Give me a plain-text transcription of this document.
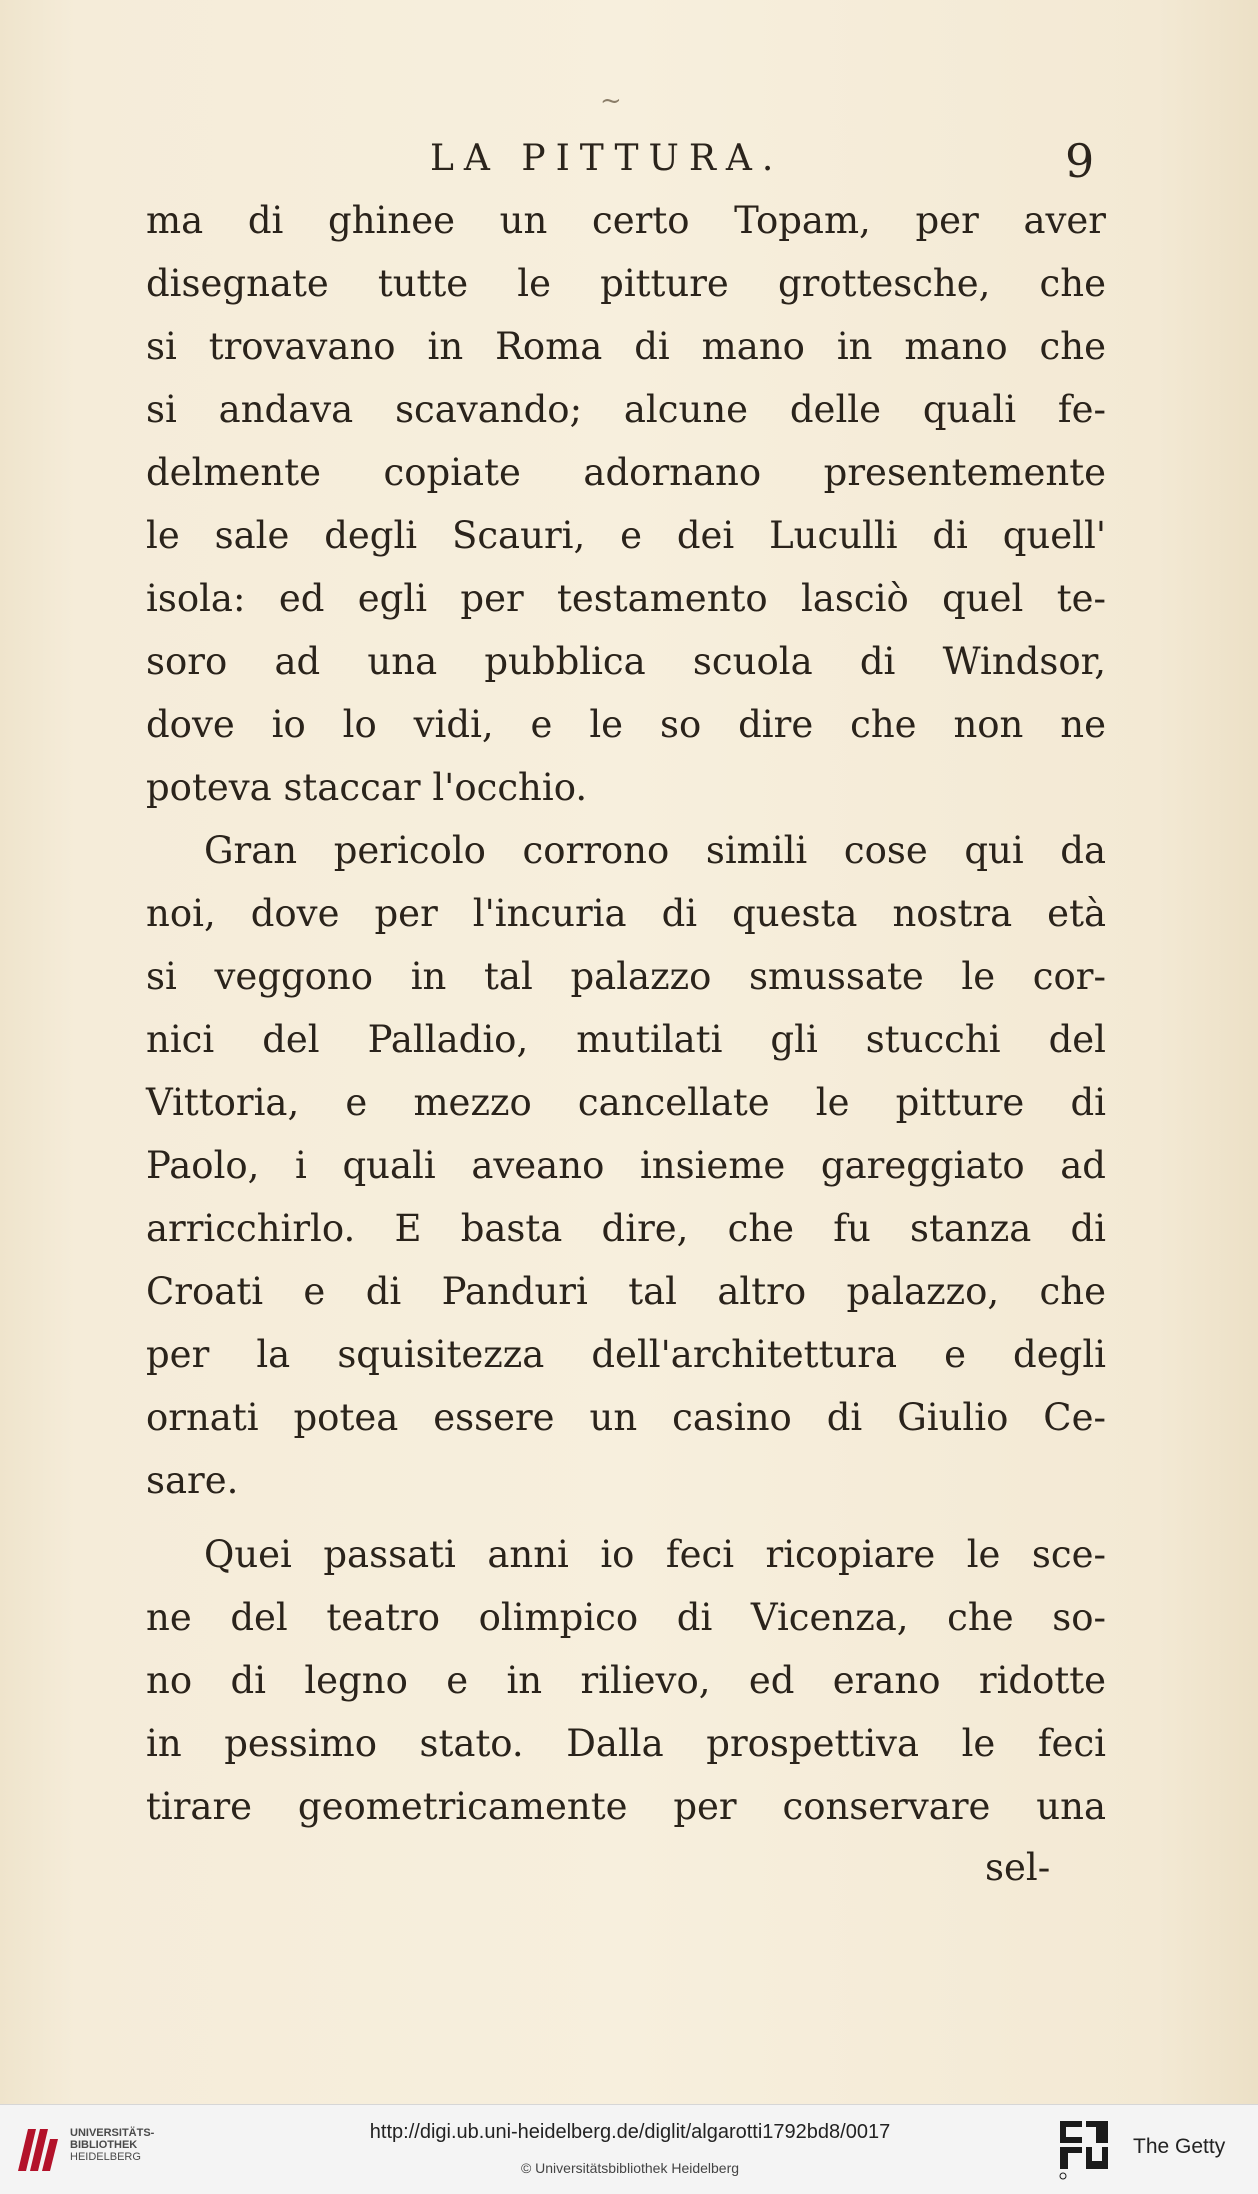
~
LA PITTURA.	9
ma di ghinee un certo Topam, per aver
disegnate tutte le pitture grottesche, che
si trovavano in Roma di mano in mano che
si andava scavando; alcune delle quali fe-
delmente copiate adornano presentemente
le sale degli Scauri, e dei Luculli di quell'
isola: ed egli per testamento lasciò quel te-
soro ad una pubblica scuola di Windsor,
dove io lo vidi, e le so dire che non ne
poteva staccar l'occhio.
Gran pericolo corrono simili cose qui da
noi, dove per l'incuria di questa nostra età
si veggono in tal palazzo smussate le cor-
nici del Palladio, mutilati gli stucchi del
Vittoria, e mezzo cancellate le pitture di
Paolo, i quali aveano insieme gareggiato ad
arricchirlo. E basta dire, che fu stanza di
Croati e di Panduri tal altro palazzo, che
per la squisitezza dell'architettura e degli
ornati potea essere un casino di Giulio Ce-
sare.
Quei passati anni io feci ricopiare le sce-
ne del teatro olimpico di Vicenza, che so-
no di legno e in rilievo, ed erano ridotte
in pessimo stato. Dalla prospettiva le feci
tirare geometricamente per conservare una
sel-
UNIVERSITÄTS-
BIBLIOTHEK
HEIDELBERG
http://digi.ub.uni-heidelberg.de/diglit/algarotti1792bd8/0017
© Universitätsbibliothek Heidelberg
The Getty
